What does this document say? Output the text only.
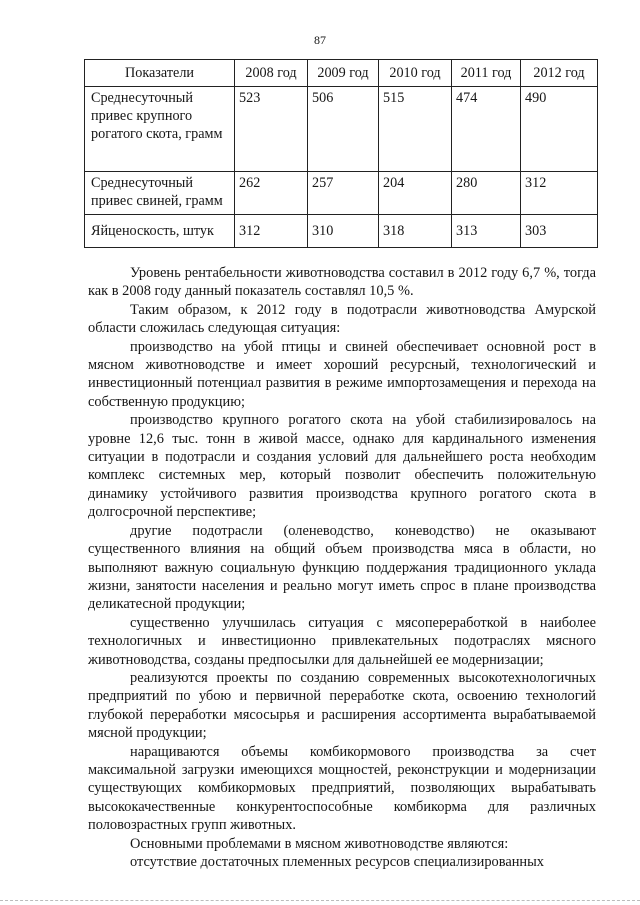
87
Показатели	2008 год	2009 год	2010 год	2011 год	2012 год
Среднесуточный привес крупного рогатого скота, грамм	523	506	515	474	490
Среднесуточный привес свиней, грамм	262	257	204	280	312
Яйценоскость, штук	312	310	318	313	303

Уровень рентабельности животноводства составил в 2012 году 6,7 %, тогда как в 2008 году данный показатель составлял 10,5 %.

Таким образом, к 2012 году в подотрасли животноводства Амурской области сложилась следующая ситуация:

производство на убой птицы и свиней обеспечивает основной рост в мясном животноводстве и имеет хороший ресурсный, технологический и инвестиционный потенциал развития в режиме импортозамещения и перехода на собственную продукцию;

производство крупного рогатого скота на убой стабилизировалось на уровне 12,6 тыс. тонн в живой массе, однако для кардинального изменения ситуации в подотрасли и создания условий для дальнейшего роста необходим комплекс системных мер, который позволит обеспечить положительную динамику устойчивого развития производства крупного рогатого скота в долгосрочной перспективе;

другие подотрасли (оленеводство, коневодство) не оказывают существенного влияния на общий объем производства мяса в области, но выполняют важную социальную функцию поддержания традиционного уклада жизни, занятости населения и реально могут иметь спрос в плане производства деликатесной продукции;

существенно улучшилась ситуация с мясопереработкой в наиболее технологичных и инвестиционно привлекательных подотраслях мясного животноводства, созданы предпосылки для дальнейшей ее модернизации;

реализуются проекты по созданию современных высокотехнологичных предприятий по убою и первичной переработке скота, освоению технологий глубокой переработки мясосырья и расширения ассортимента вырабатываемой мясной продукции;

наращиваются объемы комбикормового производства за счет максимальной загрузки имеющихся мощностей, реконструкции и модернизации существующих комбикормовых предприятий, позволяющих вырабатывать высококачественные конкурентоспособные комбикорма для различных половозрастных групп животных.

Основными проблемами в мясном животноводстве являются:

отсутствие достаточных племенных ресурсов специализированных
